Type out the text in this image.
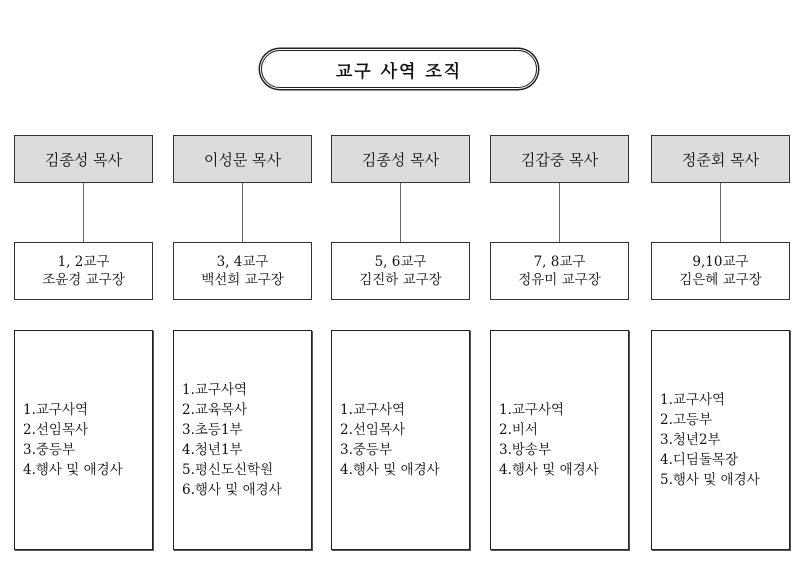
교구 사역 조직
김종성 목사
1, 2교구
조윤경 교구장
1.교구사역
2.선임목사
3.중등부
4.행사 및 애경사
이성문 목사
3, 4교구
백선희 교구장
1.교구사역
2.교육목사
3.초등1부
4.청년1부
5.평신도신학원
6.행사 및 애경사
김종성 목사
5, 6교구
김진하 교구장
1.교구사역
2.선임목사
3.중등부
4.행사 및 애경사
김갑중 목사
7, 8교구
정유미 교구장
1.교구사역
2.비서
3.방송부
4.행사 및 애경사
정준회 목사
9,10교구
김은혜 교구장
1.교구사역
2.고등부
3.청년2부
4.디딤돌목장
5.행사 및 애경사
